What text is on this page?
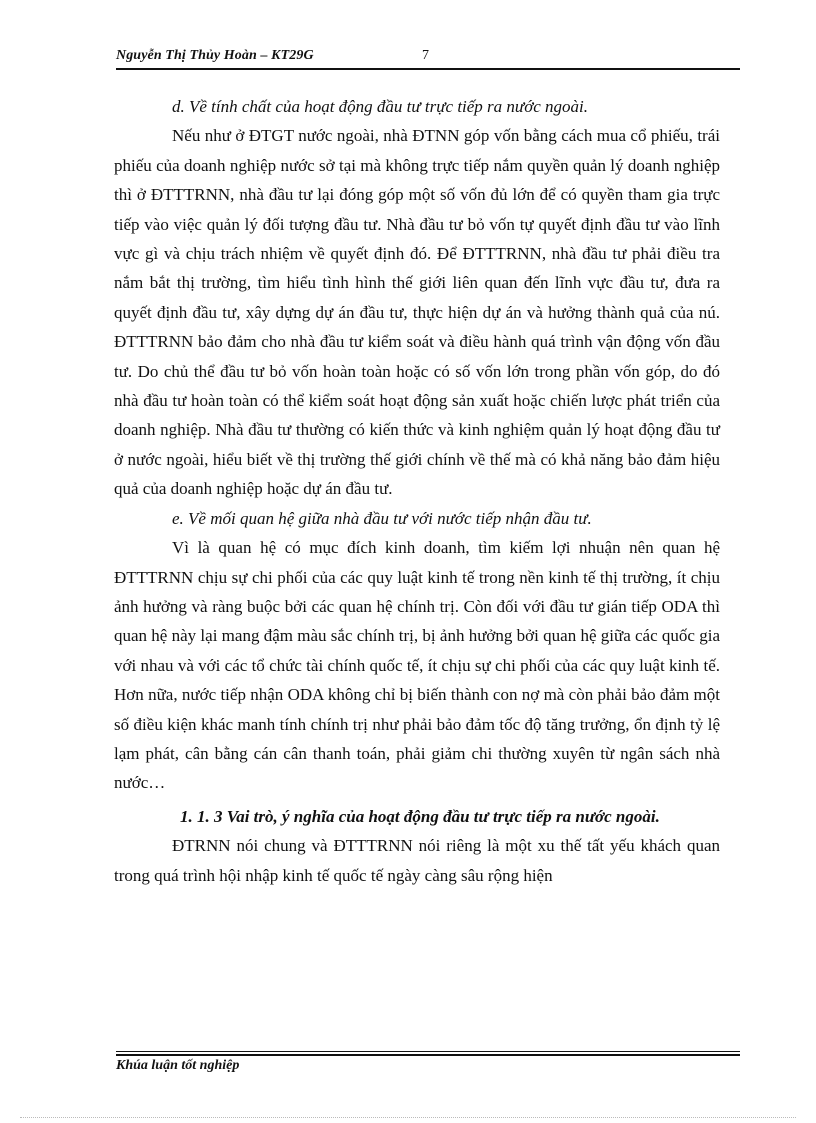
Nguyễn Thị Thủy Hoàn – KT29G	7

d. Về tính chất của hoạt động đầu tư trực tiếp ra nước ngoài.

Nếu như ở ĐTGT nước ngoài, nhà ĐTNN góp vốn bằng cách mua cổ phiếu, trái phiếu của doanh nghiệp nước sở tại mà không trực tiếp nắm quyền quản lý doanh nghiệp thì ở ĐTTTRNN, nhà đầu tư lại đóng góp một số vốn đủ lớn để có quyền tham gia trực tiếp vào việc quản lý đối tượng đầu tư. Nhà đầu tư bỏ vốn tự quyết định đầu tư vào lĩnh vực gì và chịu trách nhiệm về quyết định đó. Để ĐTTTRNN, nhà đầu tư phải điều tra nắm bắt thị trường, tìm hiểu tình hình thế giới liên quan đến lĩnh vực đầu tư, đưa ra quyết định đầu tư, xây dựng dự án đầu tư, thực hiện dự án và hưởng thành quả của nú. ĐTTTRNN bảo đảm cho nhà đầu tư kiểm soát và điều hành quá trình vận động vốn đầu tư. Do chủ thể đầu tư bỏ vốn hoàn toàn hoặc có số vốn lớn trong phần vốn góp, do đó nhà đầu tư hoàn toàn có thể kiểm soát hoạt động sản xuất hoặc chiến lược phát triển của doanh nghiệp. Nhà đầu tư thường có kiến thức và kinh nghiệm quản lý hoạt động đầu tư ở nước ngoài, hiểu biết về thị trường thế giới chính về thế mà có khả năng bảo đảm hiệu quả của doanh nghiệp hoặc dự án đầu tư.

e. Về mối quan hệ giữa nhà đầu tư với nước tiếp nhận đầu tư.

Vì là quan hệ có mục đích kinh doanh, tìm kiếm lợi nhuận nên quan hệ ĐTTTRNN chịu sự chi phối của các quy luật kinh tế trong nền kinh tế thị trường, ít chịu ảnh hưởng và ràng buộc bởi các quan hệ chính trị. Còn đối với đầu tư gián tiếp ODA thì quan hệ này lại mang đậm màu sắc chính trị, bị ảnh hưởng bởi quan hệ giữa các quốc gia với nhau và với các tổ chức tài chính quốc tế, ít chịu sự chi phối của các quy luật kinh tế. Hơn nữa, nước tiếp nhận ODA không chỉ bị biến thành con nợ mà còn phải bảo đảm một số điều kiện khác manh tính chính trị như phải bảo đảm tốc độ tăng trưởng, ổn định tỷ lệ lạm phát, cân bằng cán cân thanh toán, phải giảm chi thường xuyên từ ngân sách nhà nước…

1. 1. 3 Vai trò, ý nghĩa của hoạt động đầu tư trực tiếp ra nước ngoài.

ĐTRNN nói chung và ĐTTTRNN nói riêng là một xu thế tất yếu khách quan trong quá trình hội nhập kinh tế quốc tế ngày càng sâu rộng hiện

Khúa luận tốt nghiệp
